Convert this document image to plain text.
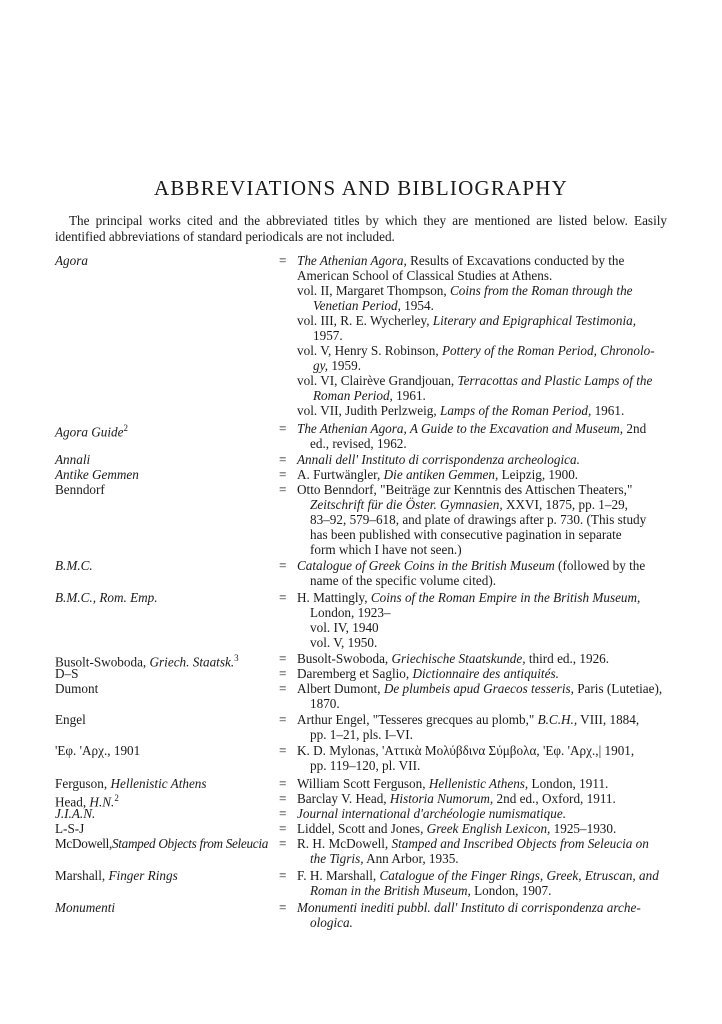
ABBREVIATIONS AND BIBLIOGRAPHY

The principal works cited and the abbreviated titles by which they are mentioned are listed below. Easily identified abbreviations of standard periodicals are not included.

Agora	= The Athenian Agora, Results of Excavations conducted by the
American School of Classical Studies at Athens.
vol. II, Margaret Thompson, Coins from the Roman through the
Venetian Period, 1954.
vol. III, R. E. Wycherley, Literary and Epigraphical Testimonia,
1957.
vol. V, Henry S. Robinson, Pottery of the Roman Period, Chronolo-
gy, 1959.
vol. VI, Clairève Grandjouan, Terracottas and Plastic Lamps of the
Roman Period, 1961.
vol. VII, Judith Perlzweig, Lamps of the Roman Period, 1961.
Agora Guide$^2$	= The Athenian Agora, A Guide to the Excavation and Museum, 2nd
ed., revised, 1962.
Annali	= Annali dell' Instituto di corrispondenza archeologica.
Antike Gemmen	= A. Furtwängler, Die antiken Gemmen, Leipzig, 1900.
Benndorf	= Otto Benndorf, "Beiträge zur Kenntnis des Attischen Theaters,"
Zeitschrift für die Öster. Gymnasien, XXVI, 1875, pp. 1–29,
83–92, 579–618, and plate of drawings after p. 730. (This study
has been published with consecutive pagination in separate
form which I have not seen.)
B.M.C.	= Catalogue of Greek Coins in the British Museum (followed by the
name of the specific volume cited).
B.M.C., Rom. Emp.	= H. Mattingly, Coins of the Roman Empire in the British Museum,
London, 1923–
vol. IV, 1940
vol. V, 1950.
Busolt-Swoboda, Griech. Staatsk.$^3$	= Busolt-Swoboda, Griechische Staatskunde, third ed., 1926.
D–S	= Daremberg et Saglio, Dictionnaire des antiquités.
Dumont	= Albert Dumont, De plumbeis apud Graecos tesseris, Paris (Lutetiae),
1870.
Engel	= Arthur Engel, "Tesseres grecques au plomb," B.C.H., VIII, 1884,
pp. 1–21, pls. I–VI.
'Εφ. 'Αρχ., 1901	= K. D. Mylonas, 'Αττικὰ Μολύβδινα Σύμβολα, 'Εφ. 'Αρχ.,| 1901,
pp. 119–120, pl. VII.
Ferguson, Hellenistic Athens	= William Scott Ferguson, Hellenistic Athens, London, 1911.
Head, H.N.$^2$	= Barclay V. Head, Historia Numorum, 2nd ed., Oxford, 1911.
J.I.A.N.	= Journal international d'archéologie numismatique.
L-S-J	= Liddel, Scott and Jones, Greek English Lexicon, 1925–1930.
McDowell,Stamped Objects from Seleucia = R. H. McDowell, Stamped and Inscribed Objects from Seleucia on
the Tigris, Ann Arbor, 1935.
Marshall, Finger Rings	= F. H. Marshall, Catalogue of the Finger Rings, Greek, Etruscan, and
Roman in the British Museum, London, 1907.
Monumenti	= Monumenti inediti pubbl. dall' Instituto di corrispondenza arche-
ologica.
